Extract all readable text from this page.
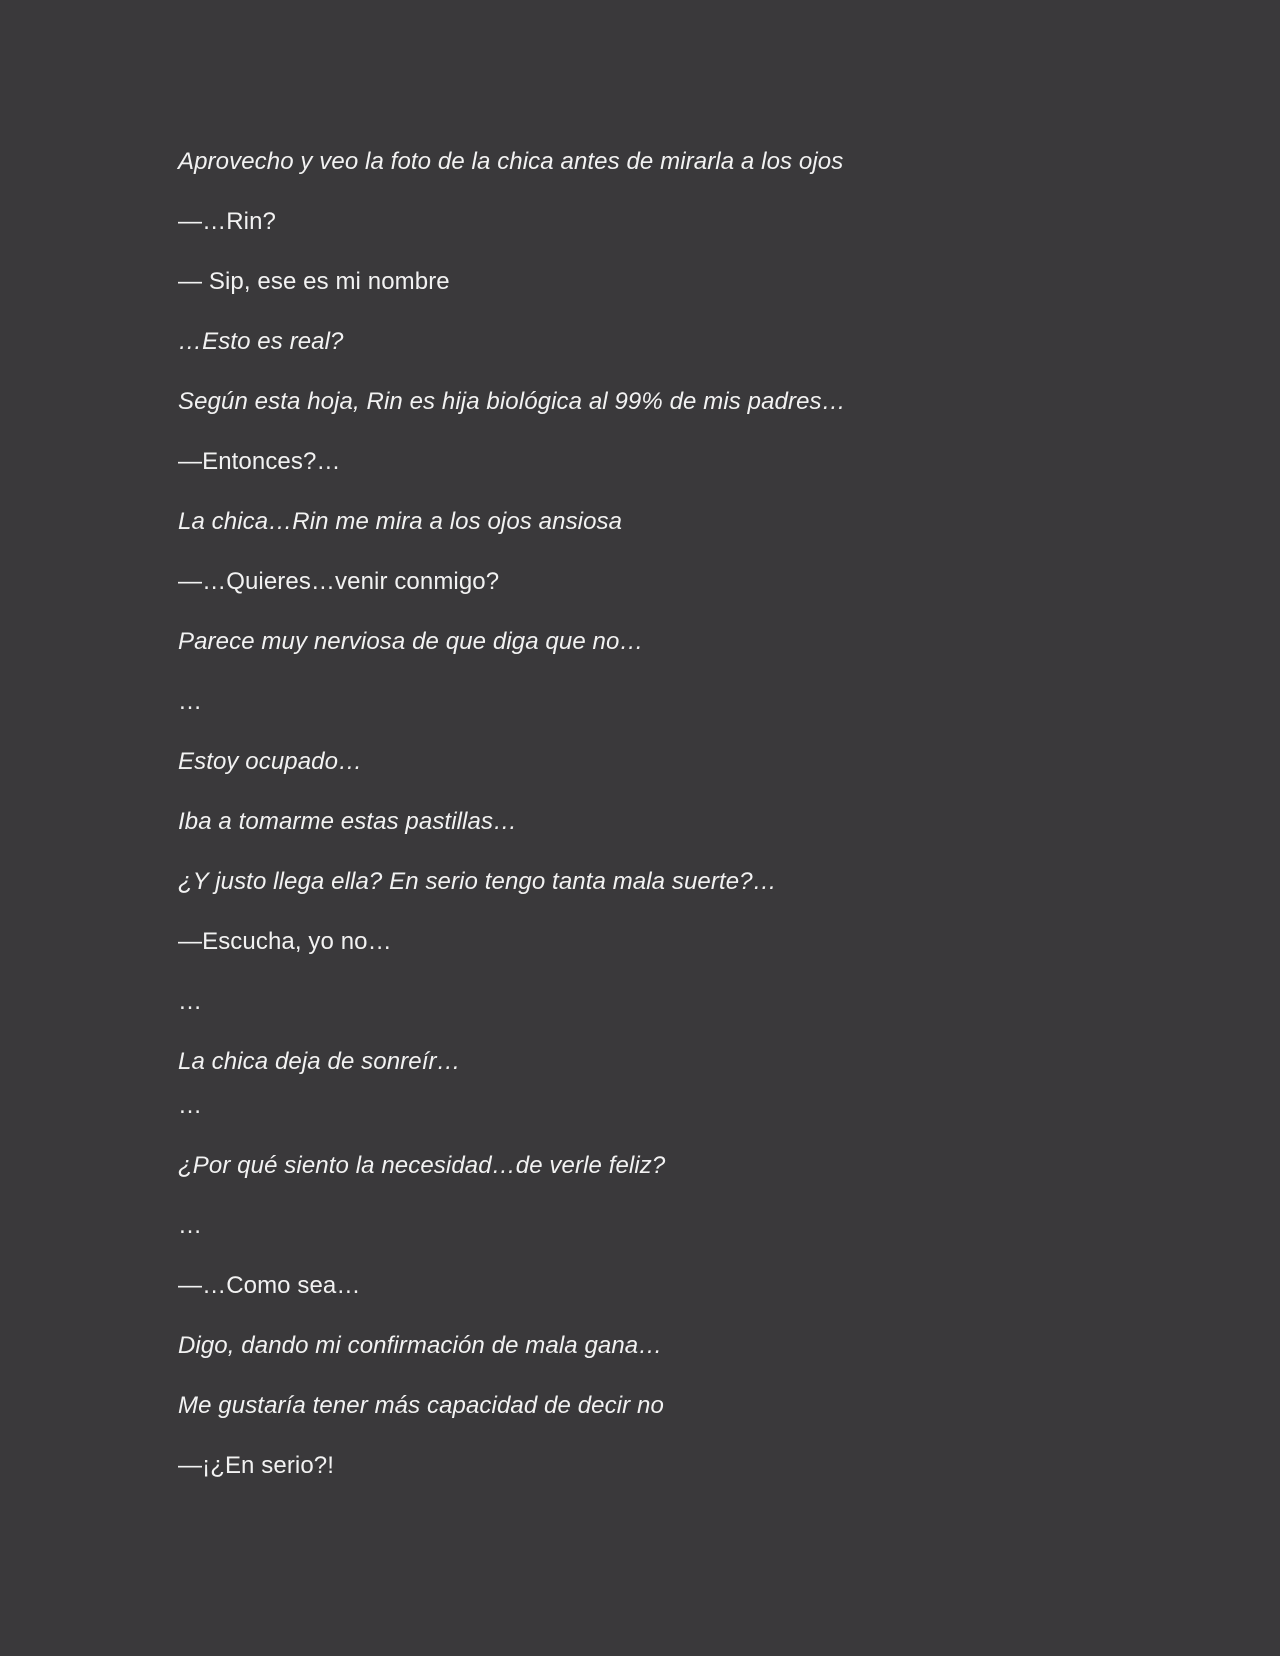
Aprovecho y veo la foto de la chica antes de mirarla a los ojos
—…Rin?
— Sip, ese es mi nombre
…Esto es real?
Según esta hoja, Rin es hija biológica al 99% de mis padres…
—Entonces?…
La chica…Rin me mira a los ojos ansiosa
—…Quieres…venir conmigo?
Parece muy nerviosa de que diga que no…
…
Estoy ocupado…
Iba a tomarme estas pastillas…
¿Y justo llega ella? En serio tengo tanta mala suerte?…
—Escucha, yo no…
…
La chica deja de sonreír…
…
¿Por qué siento la necesidad…de verle feliz?
…
—…Como sea…
Digo, dando mi confirmación de mala gana…
Me gustaría tener más capacidad de decir no
—¡¿En serio?!
